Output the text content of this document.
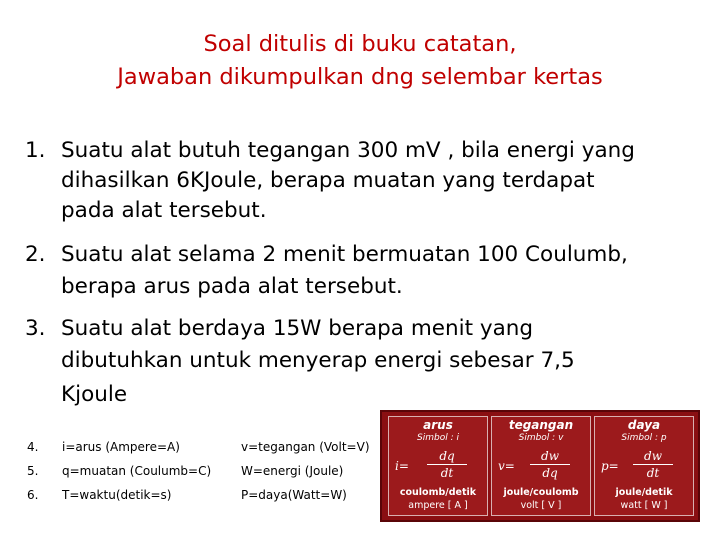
Soal ditulis di buku catatan,
Jawaban dikumpulkan dng selembar kertas
1. Suatu alat butuh tegangan 300 mV , bila energi yang
dihasilkan 6KJoule, berapa muatan yang terdapat
pada alat tersebut.
2. Suatu alat selama 2 menit bermuatan 100 Coulumb,
berapa arus pada alat tersebut.
3. Suatu alat berdaya 15W berapa menit yang
dibutuhkan untuk menyerap energi sebesar 7,5
Kjoule
4. i=arus (Ampere=A)	v=tegangan (Volt=V)
5. q=muatan (Coulumb=C) W=energi (Joule)
6. T=waktu(detik=s)	P=daya(Watt=W)
arus
Simbol : i
i=
dq
dt
coulomb/detik
ampere [ A ]
tegangan
Simbol : v
v=
dw
dq
joule/coulomb
volt [ V ]
daya
Simbol : p
p=
dw
dt
joule/detik
watt [ W ]
